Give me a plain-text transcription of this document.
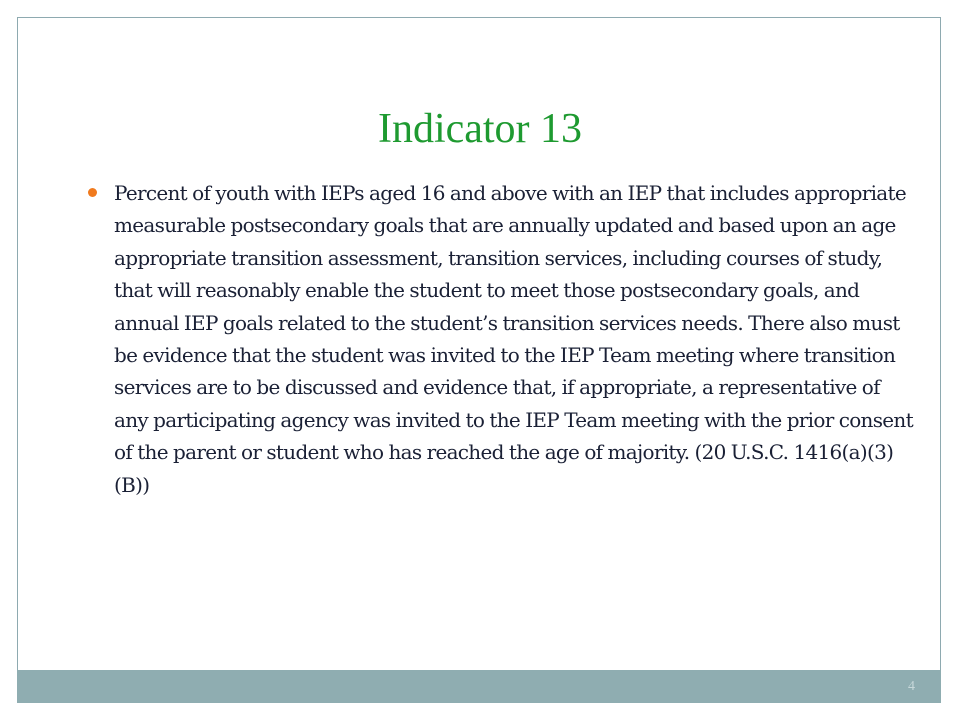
Indicator 13
Percent of youth with IEPs aged 16 and above with an IEP that includes appropriate measurable postsecondary goals that are annually updated and based upon an age appropriate transition assessment, transition services, including courses of study, that will reasonably enable the student to meet those postsecondary goals, and annual IEP goals related to the student’s transition services needs. There also must be evidence that the student was invited to the IEP Team meeting where transition services are to be discussed and evidence that, if appropriate, a representative of any participating agency was invited to the IEP Team meeting with the prior consent of the parent or student who has reached the age of majority. (20 U.S.C. 1416(a)(3)(B))
4
